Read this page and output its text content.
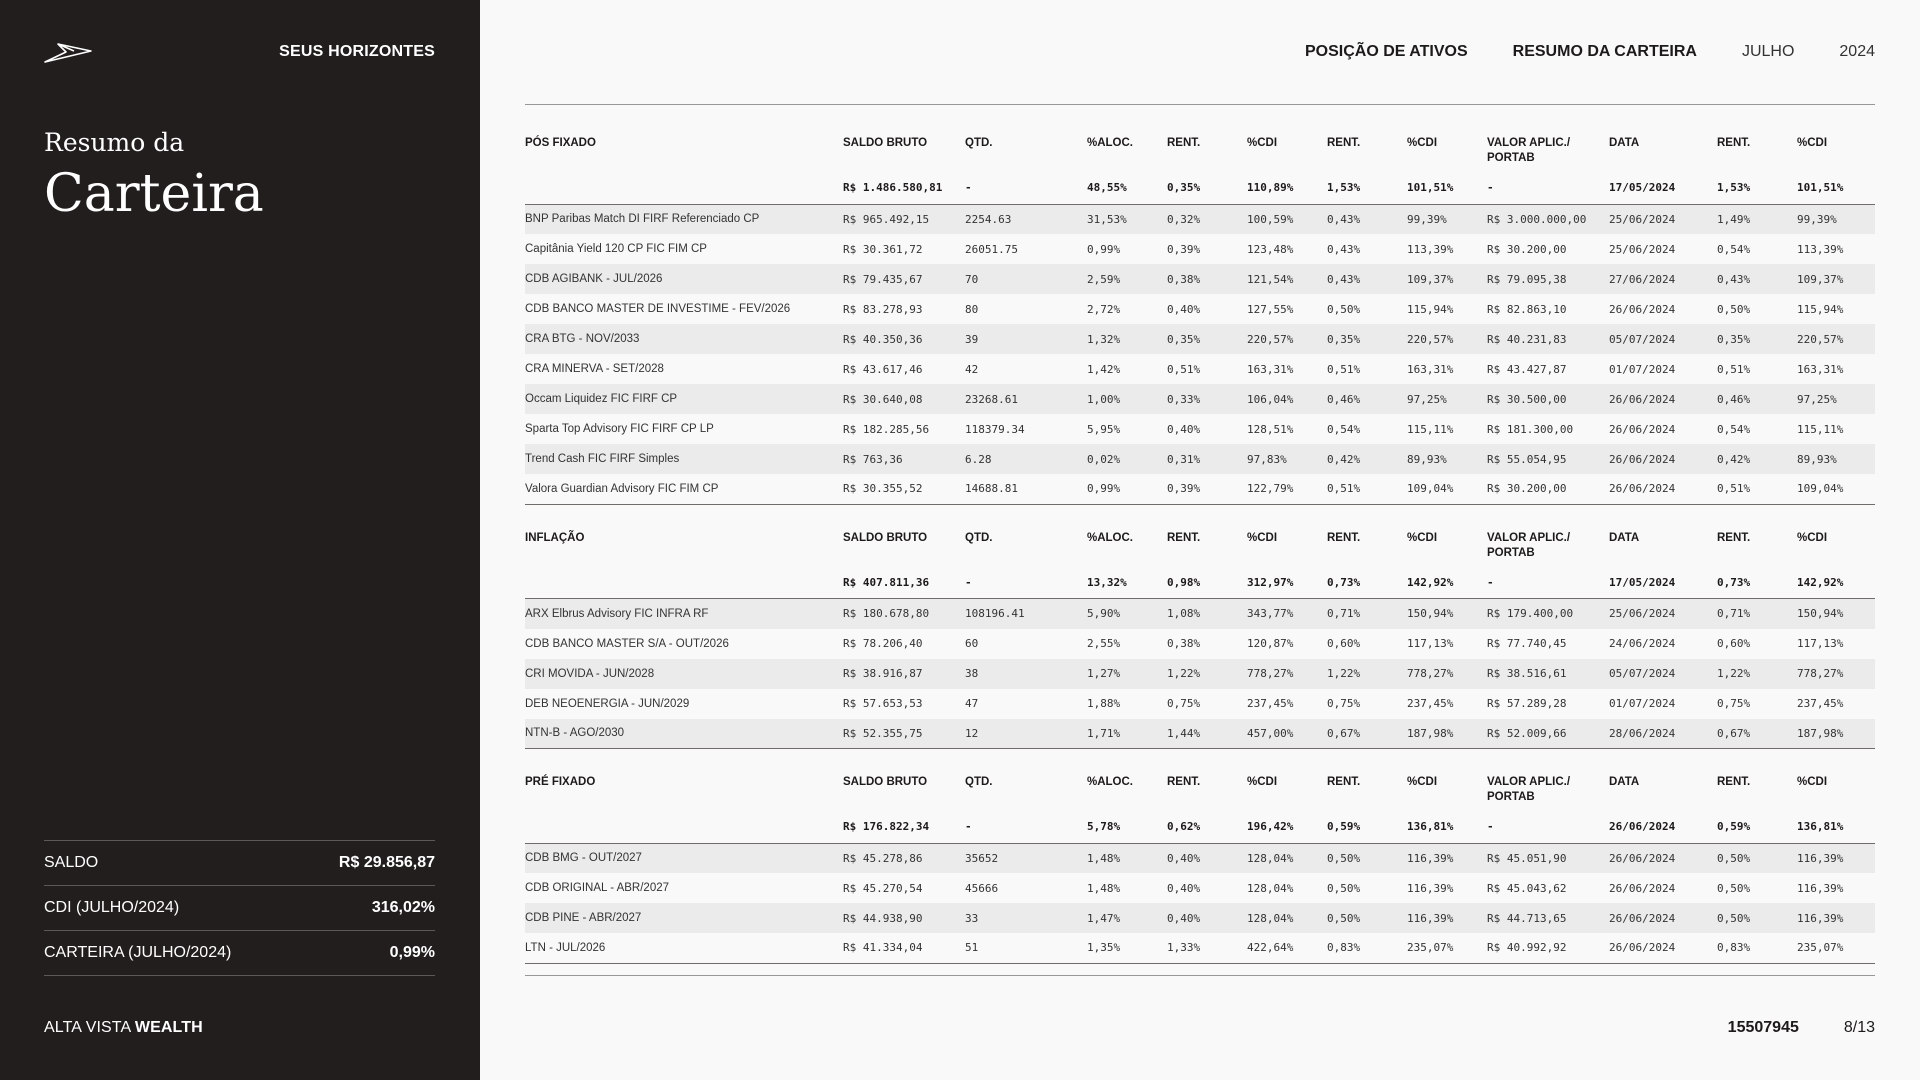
SEUS HORIZONTES
Resumo da
Carteira
SALDO	R$ 29.856,87
CDI (JULHO/2024)	316,02%
CARTEIRA (JULHO/2024)	0,99%
ALTA VISTA WEALTH
POSIÇÃO DE ATIVOS	RESUMO DA CARTEIRA	JULHO	2024
PÓS FIXADO	SALDO BRUTO	QTD.	%ALOC.	RENT.	%CDI	RENT.	%CDI	VALOR APLIC./ PORTAB	DATA	RENT.	%CDI
	R$ 1.486.580,81	-	48,55%	0,35%	110,89%	1,53%	101,51%	-	17/05/2024	1,53%	101,51%
BNP Paribas Match DI FIRF Referenciado CP	R$ 965.492,15	2254.63	31,53%	0,32%	100,59%	0,43%	99,39%	R$ 3.000.000,00	25/06/2024	1,49%	99,39%
Capitânia Yield 120 CP FIC FIM CP	R$ 30.361,72	26051.75	0,99%	0,39%	123,48%	0,43%	113,39%	R$ 30.200,00	25/06/2024	0,54%	113,39%
CDB AGIBANK - JUL/2026	R$ 79.435,67	70	2,59%	0,38%	121,54%	0,43%	109,37%	R$ 79.095,38	27/06/2024	0,43%	109,37%
CDB BANCO MASTER DE INVESTIME - FEV/2026	R$ 83.278,93	80	2,72%	0,40%	127,55%	0,50%	115,94%	R$ 82.863,10	26/06/2024	0,50%	115,94%
CRA BTG - NOV/2033	R$ 40.350,36	39	1,32%	0,35%	220,57%	0,35%	220,57%	R$ 40.231,83	05/07/2024	0,35%	220,57%
CRA MINERVA - SET/2028	R$ 43.617,46	42	1,42%	0,51%	163,31%	0,51%	163,31%	R$ 43.427,87	01/07/2024	0,51%	163,31%
Occam Liquidez FIC FIRF CP	R$ 30.640,08	23268.61	1,00%	0,33%	106,04%	0,46%	97,25%	R$ 30.500,00	26/06/2024	0,46%	97,25%
Sparta Top Advisory FIC FIRF CP LP	R$ 182.285,56	118379.34	5,95%	0,40%	128,51%	0,54%	115,11%	R$ 181.300,00	26/06/2024	0,54%	115,11%
Trend Cash FIC FIRF Simples	R$ 763,36	6.28	0,02%	0,31%	97,83%	0,42%	89,93%	R$ 55.054,95	26/06/2024	0,42%	89,93%
Valora Guardian Advisory FIC FIM CP	R$ 30.355,52	14688.81	0,99%	0,39%	122,79%	0,51%	109,04%	R$ 30.200,00	26/06/2024	0,51%	109,04%
INFLAÇÃO	SALDO BRUTO	QTD.	%ALOC.	RENT.	%CDI	RENT.	%CDI	VALOR APLIC./ PORTAB	DATA	RENT.	%CDI
	R$ 407.811,36	-	13,32%	0,98%	312,97%	0,73%	142,92%	-	17/05/2024	0,73%	142,92%
ARX Elbrus Advisory FIC INFRA RF	R$ 180.678,80	108196.41	5,90%	1,08%	343,77%	0,71%	150,94%	R$ 179.400,00	25/06/2024	0,71%	150,94%
CDB BANCO MASTER S/A - OUT/2026	R$ 78.206,40	60	2,55%	0,38%	120,87%	0,60%	117,13%	R$ 77.740,45	24/06/2024	0,60%	117,13%
CRI MOVIDA - JUN/2028	R$ 38.916,87	38	1,27%	1,22%	778,27%	1,22%	778,27%	R$ 38.516,61	05/07/2024	1,22%	778,27%
DEB NEOENERGIA - JUN/2029	R$ 57.653,53	47	1,88%	0,75%	237,45%	0,75%	237,45%	R$ 57.289,28	01/07/2024	0,75%	237,45%
NTN-B - AGO/2030	R$ 52.355,75	12	1,71%	1,44%	457,00%	0,67%	187,98%	R$ 52.009,66	28/06/2024	0,67%	187,98%
PRÉ FIXADO	SALDO BRUTO	QTD.	%ALOC.	RENT.	%CDI	RENT.	%CDI	VALOR APLIC./ PORTAB	DATA	RENT.	%CDI
	R$ 176.822,34	-	5,78%	0,62%	196,42%	0,59%	136,81%	-	26/06/2024	0,59%	136,81%
CDB BMG - OUT/2027	R$ 45.278,86	35652	1,48%	0,40%	128,04%	0,50%	116,39%	R$ 45.051,90	26/06/2024	0,50%	116,39%
CDB ORIGINAL - ABR/2027	R$ 45.270,54	45666	1,48%	0,40%	128,04%	0,50%	116,39%	R$ 45.043,62	26/06/2024	0,50%	116,39%
CDB PINE - ABR/2027	R$ 44.938,90	33	1,47%	0,40%	128,04%	0,50%	116,39%	R$ 44.713,65	26/06/2024	0,50%	116,39%
LTN - JUL/2026	R$ 41.334,04	51	1,35%	1,33%	422,64%	0,83%	235,07%	R$ 40.992,92	26/06/2024	0,83%	235,07%
15507945	8/13
